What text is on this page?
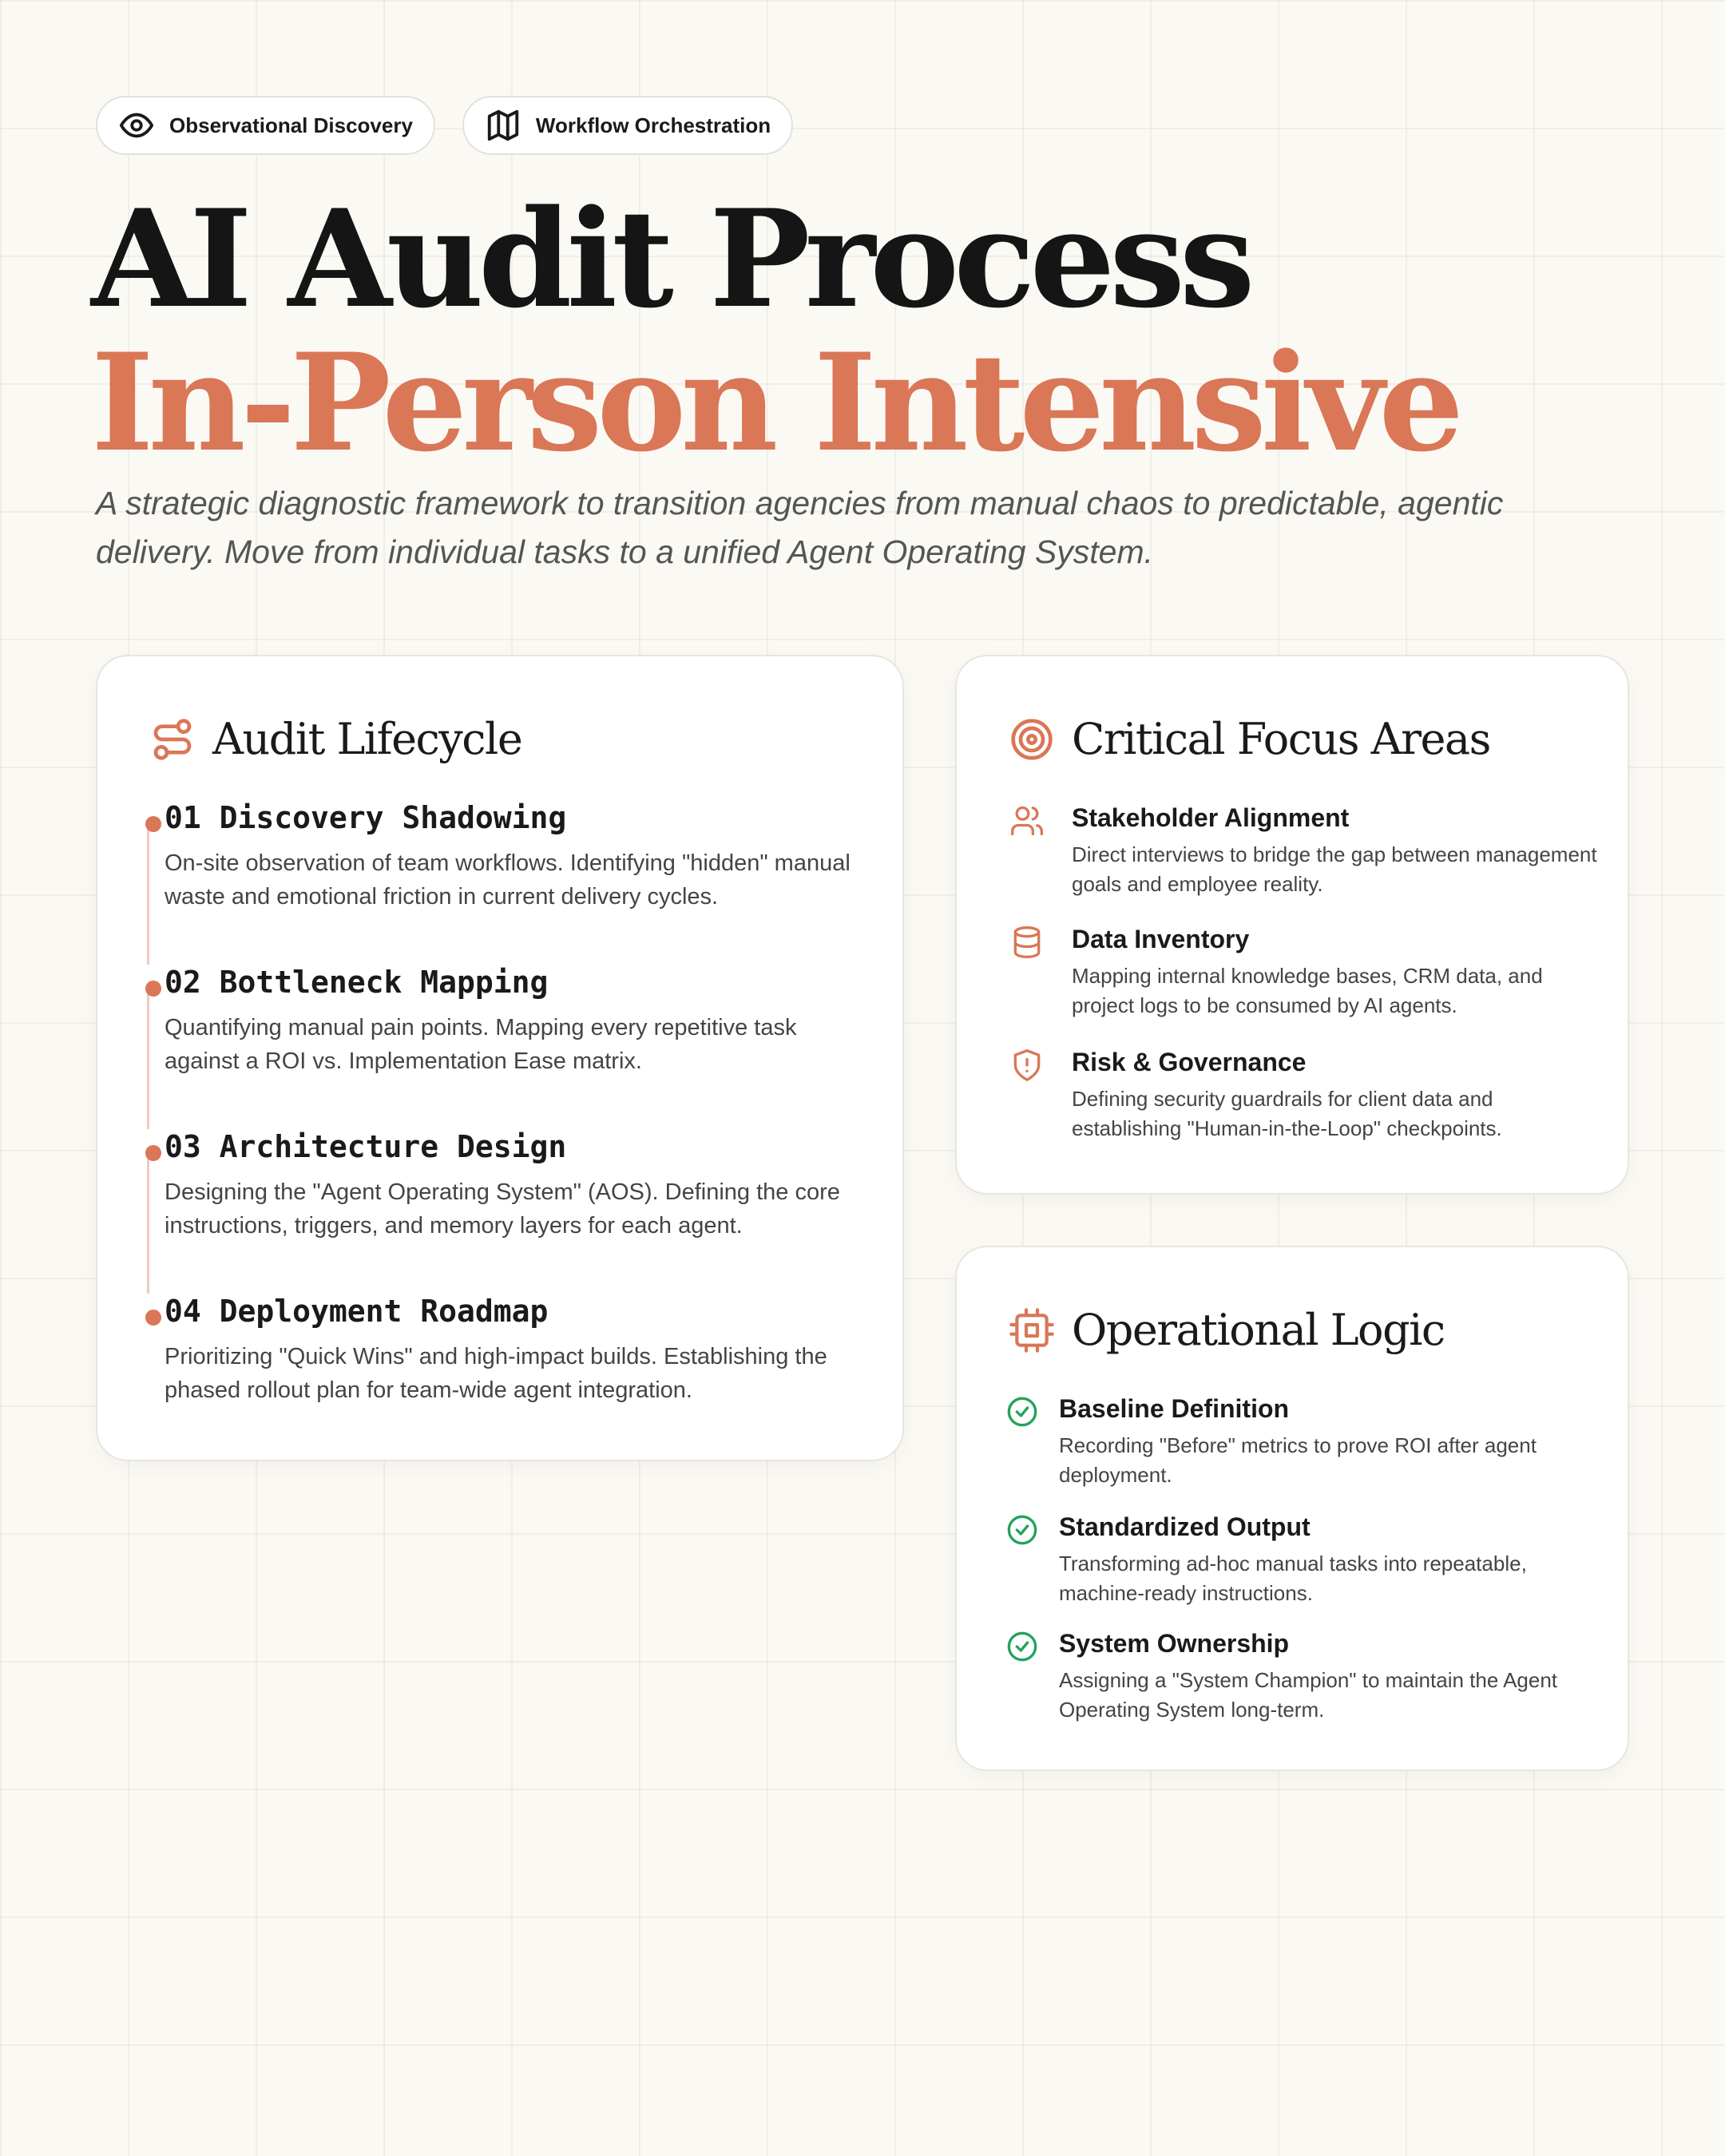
Observational Discovery	Workflow Orchestration
AI Audit Process
In-Person Intensive

A strategic diagnostic framework to transition agencies from manual chaos to predictable, agentic delivery. Move from individual tasks to a unified Agent Operating System.

Audit Lifecycle
01 Discovery Shadowing
On-site observation of team workflows. Identifying "hidden" manual waste and emotional friction in current delivery cycles.
02 Bottleneck Mapping
Quantifying manual pain points. Mapping every repetitive task against a ROI vs. Implementation Ease matrix.
03 Architecture Design
Designing the "Agent Operating System" (AOS). Defining the core instructions, triggers, and memory layers for each agent.
04 Deployment Roadmap
Prioritizing "Quick Wins" and high-impact builds. Establishing the phased rollout plan for team-wide agent integration.
Critical Focus Areas
Stakeholder Alignment
Direct interviews to bridge the gap between management goals and employee reality.
Data Inventory
Mapping internal knowledge bases, CRM data, and project logs to be consumed by AI agents.
Risk & Governance
Defining security guardrails for client data and establishing "Human-in-the-Loop" checkpoints.
Operational Logic
Baseline Definition
Recording "Before" metrics to prove ROI after agent deployment.
Standardized Output
Transforming ad-hoc manual tasks into repeatable, machine-ready instructions.
System Ownership
Assigning a "System Champion" to maintain the Agent Operating System long-term.
